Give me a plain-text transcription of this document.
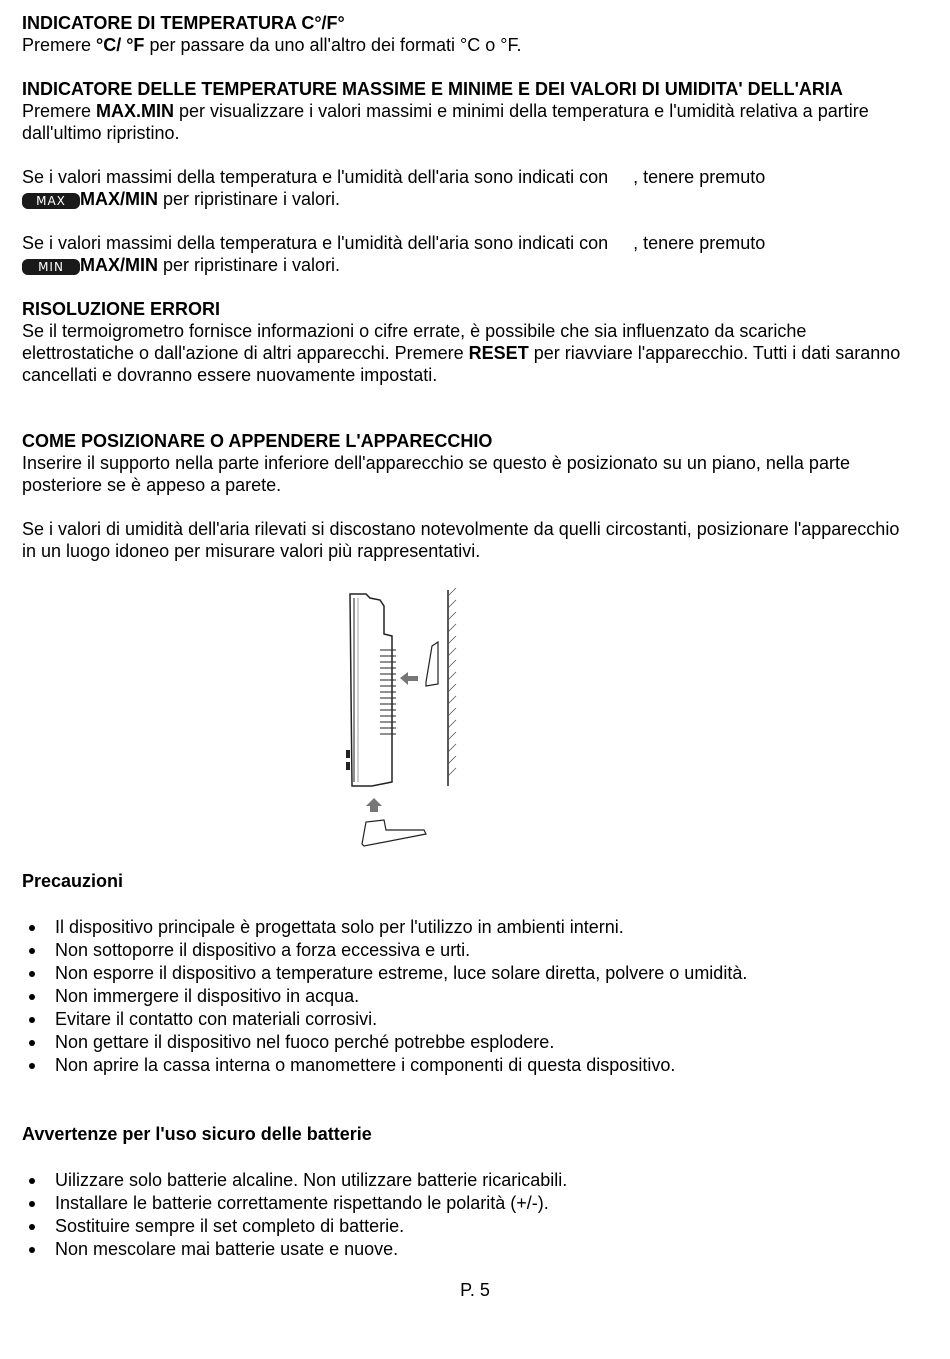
INDICATORE DI TEMPERATURA C°/F°

Premere °C/ °F per passare da uno all'altro dei formati °C o °F.

INDICATORE DELLE TEMPERATURE MASSIME E MINIME E DEI VALORI DI UMIDITA' DELL'ARIA

Premere MAX.MIN per visualizzare i valori massimi e minimi della temperatura e l'umidità relativa a partire dall'ultimo ripristino.

Se i valori massimi della temperatura e l'umidità dell'aria sono indicati con     , tenere premuto

MAX MAX/MIN per ripristinare i valori.

Se i valori massimi della temperatura e l'umidità dell'aria sono indicati con     , tenere premuto

MIN MAX/MIN per ripristinare i valori.

RISOLUZIONE ERRORI

Se il termoigrometro fornisce informazioni o cifre errate, è possibile che sia influenzato da scariche elettrostatiche o dall'azione di altri apparecchi. Premere RESET per riavviare l'apparecchio. Tutti i dati saranno cancellati e dovranno essere nuovamente impostati.

COME POSIZIONARE O APPENDERE L'APPARECCHIO

Inserire il supporto nella parte inferiore dell'apparecchio se questo è posizionato su un piano, nella parte posteriore se è appeso a parete.

Se i valori di umidità dell'aria rilevati si discostano notevolmente da quelli circostanti, posizionare l'apparecchio in un luogo idoneo per misurare valori più rappresentativi.

Precauzioni
Il dispositivo principale è progettata solo per l'utilizzo in ambienti interni.
Non sottoporre il dispositivo a forza eccessiva e urti.
Non esporre il dispositivo a temperature estreme, luce solare diretta, polvere o umidità.
Non immergere il dispositivo in acqua.
Evitare il contatto con materiali corrosivi.
Non gettare il dispositivo nel fuoco perché potrebbe esplodere.
Non aprire la cassa interna o manomettere i componenti di questa dispositivo.
Avvertenze per l'uso sicuro delle batterie
Uilizzare solo batterie alcaline. Non utilizzare batterie ricaricabili.
Installare le batterie correttamente rispettando le polarità (+/-).
Sostituire sempre il set completo di batterie.
Non mescolare mai batterie usate e nuove.
P. 5
